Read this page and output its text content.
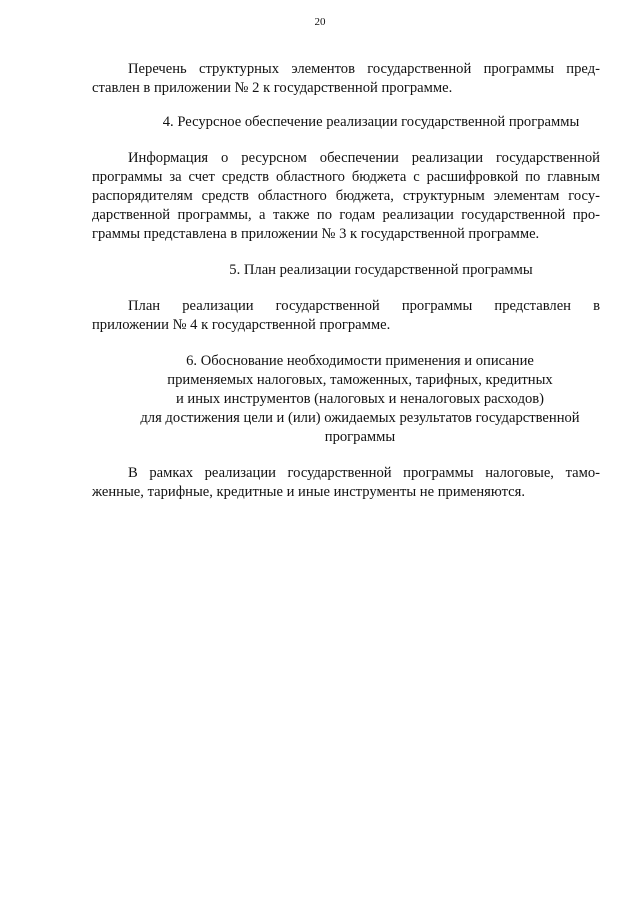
20

Перечень структурных элементов государственной программы пред-

ставлен в приложении № 2 к государственной программе.

4. Ресурсное обеспечение реализации государственной программы

Информация о ресурсном обеспечении реализации государственной

программы за счет средств областного бюджета с расшифровкой по главным

распорядителям средств областного бюджета, структурным элементам госу-

дарственной программы, а также по годам реализации государственной про-

граммы представлена в приложении № 3 к государственной программе.

5. План реализации государственной программы

План реализации государственной программы представлен в

приложении № 4 к государственной программе.

6. Обоснование необходимости применения и описание
применяемых налоговых, таможенных, тарифных, кредитных
и иных инструментов (налоговых и неналоговых расходов)
для достижения цели и (или) ожидаемых результатов государственной
программы

В рамках реализации государственной программы налоговые, тамо-

женные, тарифные, кредитные и иные инструменты не применяются.
